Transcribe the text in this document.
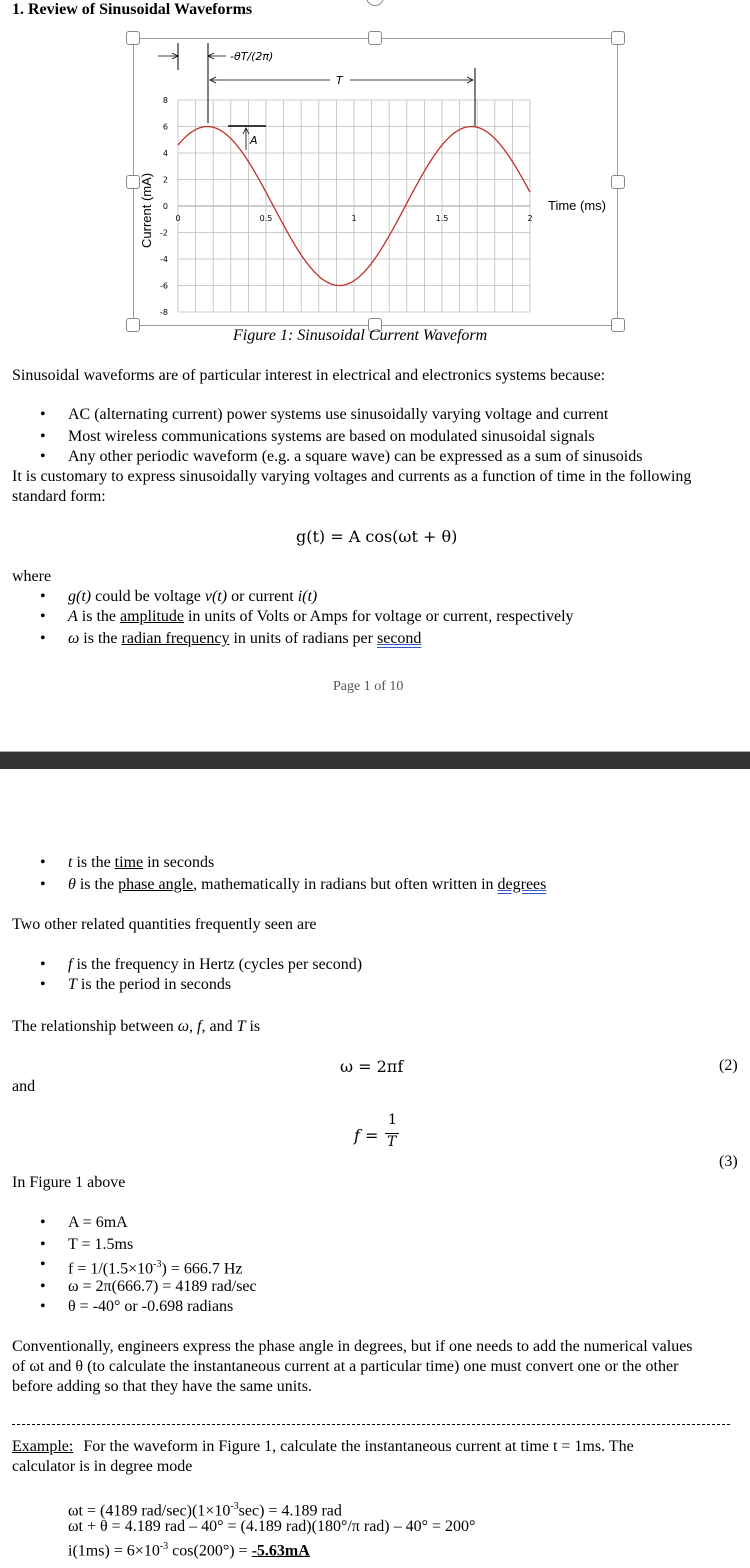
1. Review of Sinusoidal Waveforms
8
6
4
2
0
-2
-4
-6
-8
0	0.5	1	1.5	2
-θT/(2π)
T
A
Current (mA)	Time (ms)
Figure 1: Sinusoidal Current Waveform
Sinusoidal waveforms are of particular interest in electrical and electronics systems because:
• AC (alternating current) power systems use sinusoidally varying voltage and current
• Most wireless communications systems are based on modulated sinusoidal signals
• Any other periodic waveform (e.g. a square wave) can be expressed as a sum of sinusoids
It is customary to express sinusoidally varying voltages and currents as a function of time in the following
standard form:
g(t) = A cos(ωt + θ)
where
• g(t) could be voltage v(t) or current i(t)
• A is the amplitude in units of Volts or Amps for voltage or current, respectively
• ω is the radian frequency in units of radians per second
Page 1 of 10
• t is the time in seconds
• θ is the phase angle, mathematically in radians but often written in degrees
Two other related quantities frequently seen are
• f is the frequency in Hertz (cycles per second)
• T is the period in seconds
The relationship between ω, f, and T is
ω = 2πf	(2)
and
f =
1
T
(3)
In Figure 1 above
• A = 6mA
• T = 1.5ms
• $f = 1/(1.5\times 10^{-3}) = 666.7$ Hz
• ω = 2π(666.7) = 4189 rad/sec
• θ = -40° or -0.698 radians
Conventionally, engineers express the phase angle in degrees, but if one needs to add the numerical values
of ωt and θ (to calculate the instantaneous current at a particular time) one must convert one or the other
before adding so that they have the same units.
Example: For the waveform in Figure 1, calculate the instantaneous current at time t = 1ms. The
calculator is in degree mode
ωt = (4189 rad/$\sec)(1\times 10^{-3}\sec) = 4.189$ rad
ωt + θ = 4.189 rad – 40° = (4.189 rad)(180°/π rad) – 40° = 200°
$i(1ms) = 6\times 10^{-3}$ cos(200°) = -5.63mA
